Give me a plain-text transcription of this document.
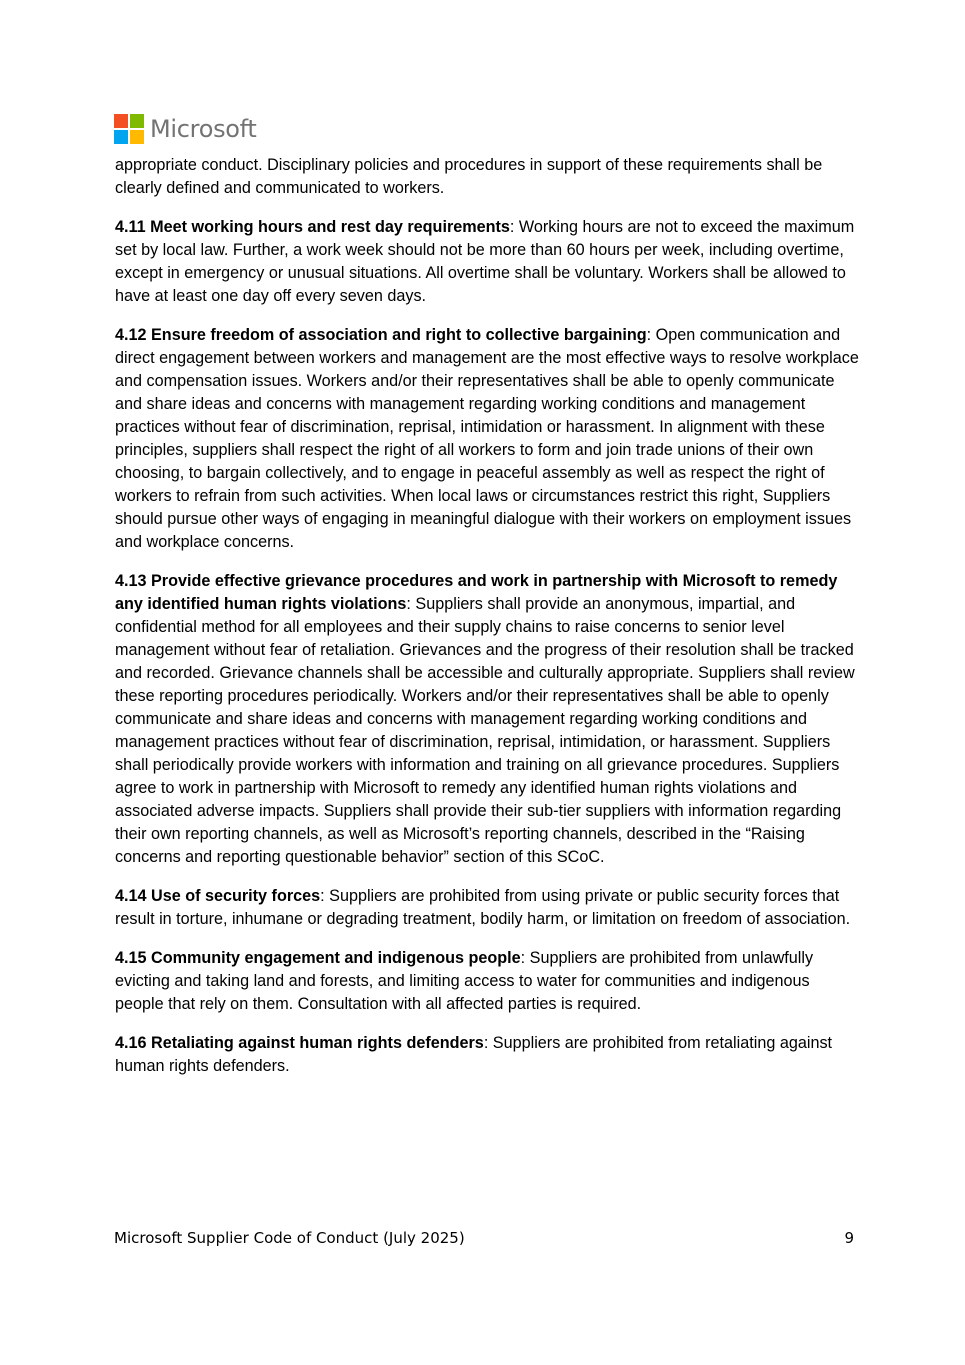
Microsoft

appropriate conduct. Disciplinary policies and procedures in support of these requirements shall be clearly defined and communicated to workers.

4.11 Meet working hours and rest day requirements: Working hours are not to exceed the maximum set by local law. Further, a work week should not be more than 60 hours per week, including overtime, except in emergency or unusual situations. All overtime shall be voluntary. Workers shall be allowed to have at least one day off every seven days.

4.12 Ensure freedom of association and right to collective bargaining: Open communication and direct engagement between workers and management are the most effective ways to resolve workplace and compensation issues. Workers and/or their representatives shall be able to openly communicate and share ideas and concerns with management regarding working conditions and management practices without fear of discrimination, reprisal, intimidation or harassment. In alignment with these principles, suppliers shall respect the right of all workers to form and join trade unions of their own choosing, to bargain collectively, and to engage in peaceful assembly as well as respect the right of workers to refrain from such activities. When local laws or circumstances restrict this right, Suppliers should pursue other ways of engaging in meaningful dialogue with their workers on employment issues and workplace concerns.

4.13 Provide effective grievance procedures and work in partnership with Microsoft to remedy any identified human rights violations: Suppliers shall provide an anonymous, impartial, and confidential method for all employees and their supply chains to raise concerns to senior level management without fear of retaliation. Grievances and the progress of their resolution shall be tracked and recorded. Grievance channels shall be accessible and culturally appropriate. Suppliers shall review these reporting procedures periodically. Workers and/or their representatives shall be able to openly communicate and share ideas and concerns with management regarding working conditions and management practices without fear of discrimination, reprisal, intimidation, or harassment. Suppliers shall periodically provide workers with information and training on all grievance procedures. Suppliers agree to work in partnership with Microsoft to remedy any identified human rights violations and associated adverse impacts. Suppliers shall provide their sub-tier suppliers with information regarding their own reporting channels, as well as Microsoft’s reporting channels, described in the “Raising concerns and reporting questionable behavior” section of this SCoC.

4.14 Use of security forces: Suppliers are prohibited from using private or public security forces that result in torture, inhumane or degrading treatment, bodily harm, or limitation on freedom of association.

4.15 Community engagement and indigenous people: Suppliers are prohibited from unlawfully evicting and taking land and forests, and limiting access to water for communities and indigenous people that rely on them. Consultation with all affected parties is required.

4.16 Retaliating against human rights defenders: Suppliers are prohibited from retaliating against human rights defenders.

Microsoft Supplier Code of Conduct (July 2025)	9
